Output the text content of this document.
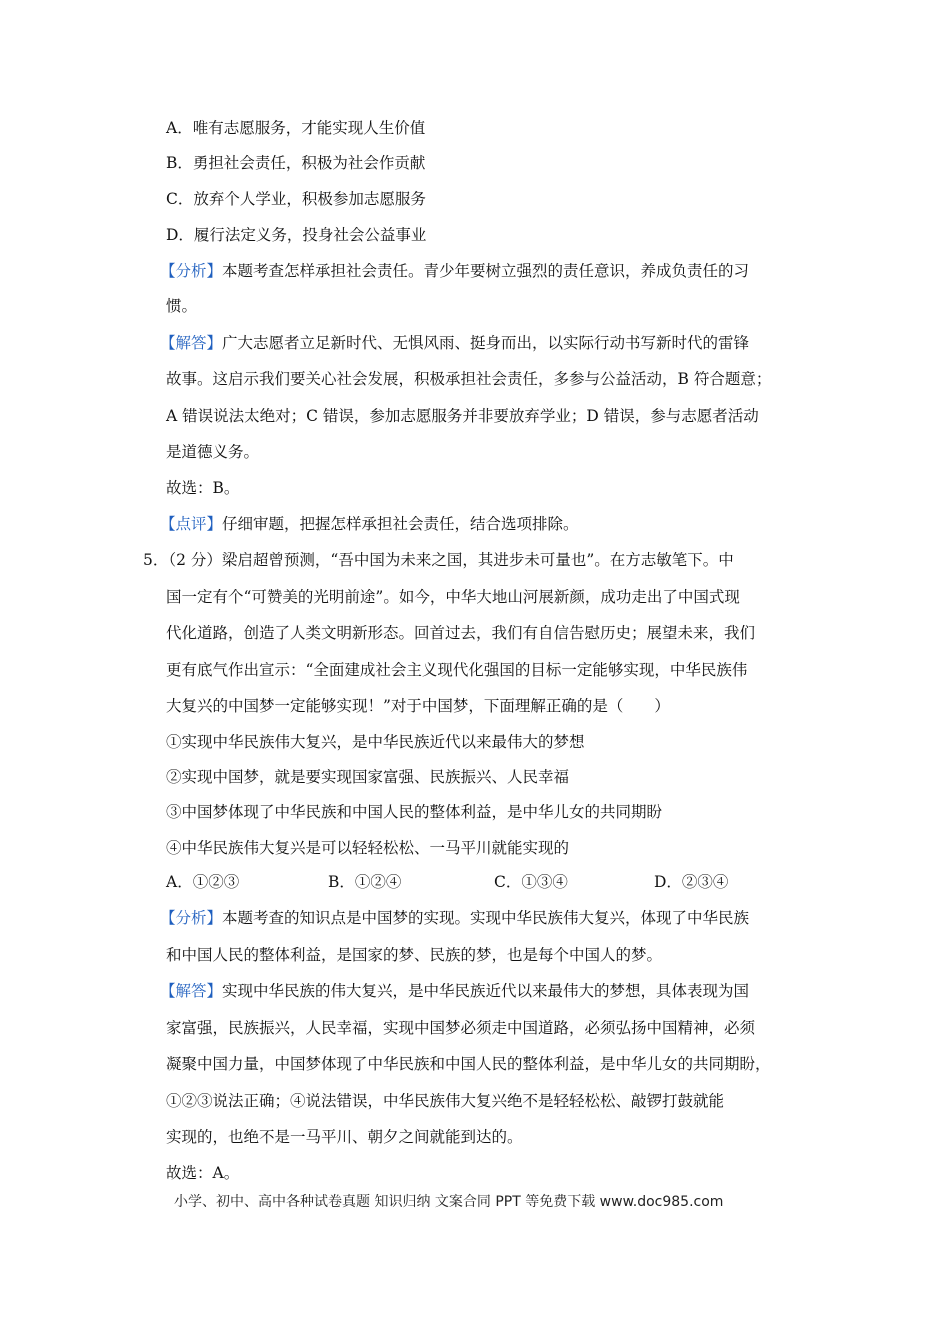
A．唯有志愿服务，才能实现人生价值
B．勇担社会责任，积极为社会作贡献
C．放弃个人学业，积极参加志愿服务
D．履行法定义务，投身社会公益事业
【分析】本题考查怎样承担社会责任。青少年要树立强烈的责任意识，养成负责任的习
惯。
【解答】广大志愿者立足新时代、无惧风雨、挺身而出，以实际行动书写新时代的雷锋
故事。这启示我们要关心社会发展，积极承担社会责任，多参与公益活动，B 符合题意；
A 错误说法太绝对；C 错误，参加志愿服务并非要放弃学业；D 错误，参与志愿者活动
是道德义务。
故选：B。
【点评】仔细审题，把握怎样承担社会责任，结合选项排除。
5．（2 分）梁启超曾预测，“吾中国为未来之国，其进步未可量也”。在方志敏笔下。中
国一定有个“可赞美的光明前途”。如今，中华大地山河展新颜，成功走出了中国式现
代化道路，创造了人类文明新形态。回首过去，我们有自信告慰历史；展望未来，我们
更有底气作出宣示：“全面建成社会主义现代化强国的目标一定能够实现，中华民族伟
大复兴的中国梦一定能够实现！”对于中国梦，下面理解正确的是（　　）
①实现中华民族伟大复兴，是中华民族近代以来最伟大的梦想
②实现中国梦，就是要实现国家富强、民族振兴、人民幸福
③中国梦体现了中华民族和中国人民的整体利益，是中华儿女的共同期盼
④中华民族伟大复兴是可以轻轻松松、一马平川就能实现的
A．①②③	B．①②④	C．①③④	D．②③④
【分析】本题考查的知识点是中国梦的实现。实现中华民族伟大复兴，体现了中华民族
和中国人民的整体利益，是国家的梦、民族的梦，也是每个中国人的梦。
【解答】实现中华民族的伟大复兴，是中华民族近代以来最伟大的梦想，具体表现为国
家富强，民族振兴，人民幸福，实现中国梦必须走中国道路，必须弘扬中国精神，必须
凝聚中国力量，中国梦体现了中华民族和中国人民的整体利益，是中华儿女的共同期盼，
①②③说法正确；④说法错误，中华民族伟大复兴绝不是轻轻松松、敲锣打鼓就能
实现的，也绝不是一马平川、朝夕之间就能到达的。
故选：A。
小学、初中、高中各种试卷真题 知识归纳 文案合同 PPT 等免费下载 www.doc985.com
